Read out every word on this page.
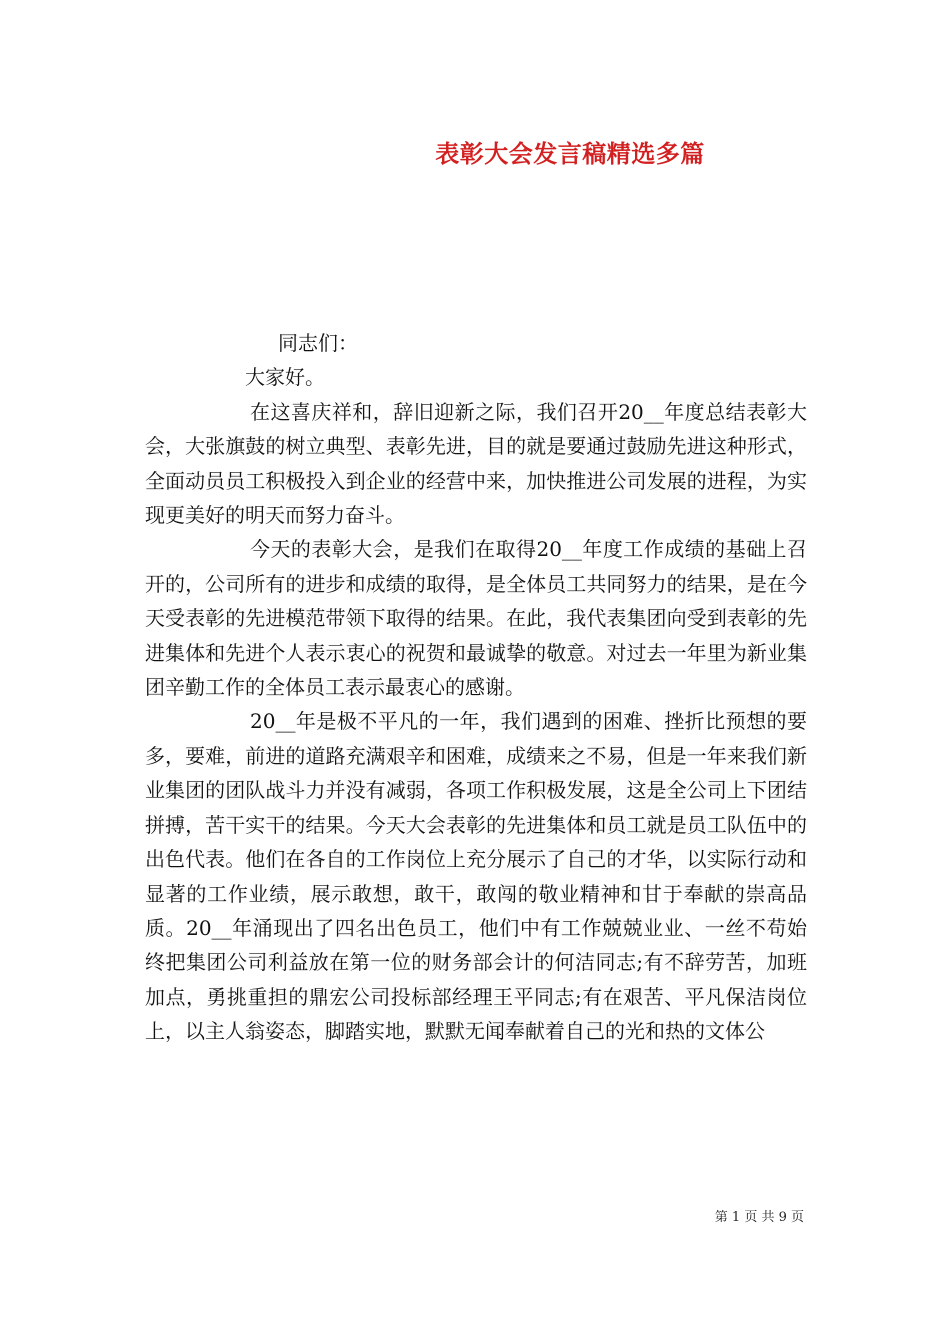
表彰大会发言稿精选多篇

同志们：

大家好。

在这喜庆祥和，辞旧迎新之际，我们召开20__年度总结表彰大会，大张旗鼓的树立典型、表彰先进，目的就是要通过鼓励先进这种形式，全面动员员工积极投入到企业的经营中来，加快推进公司发展的进程，为实现更美好的明天而努力奋斗。

今天的表彰大会，是我们在取得20__年度工作成绩的基础上召开的，公司所有的进步和成绩的取得，是全体员工共同努力的结果，是在今天受表彰的先进模范带领下取得的结果。在此，我代表集团向受到表彰的先进集体和先进个人表示衷心的祝贺和最诚挚的敬意。对过去一年里为新业集团辛勤工作的全体员工表示最衷心的感谢。

20__年是极不平凡的一年，我们遇到的困难、挫折比预想的要多，要难，前进的道路充满艰辛和困难，成绩来之不易，但是一年来我们新业集团的团队战斗力并没有减弱，各项工作积极发展，这是全公司上下团结拼搏，苦干实干的结果。今天大会表彰的先进集体和员工就是员工队伍中的出色代表。他们在各自的工作岗位上充分展示了自己的才华，以实际行动和显著的工作业绩，展示敢想，敢干，敢闯的敬业精神和甘于奉献的崇高品质。20__年涌现出了四名出色员工，他们中有工作兢兢业业、一丝不苟始终把集团公司利益放在第一位的财务部会计的何洁同志;有不辞劳苦，加班加点，勇挑重担的鼎宏公司投标部经理王平同志;有在艰苦、平凡保洁岗位上，以主人翁姿态，脚踏实地，默默无闻奉献着自己的光和热的文体公

第 1 页 共 9 页
